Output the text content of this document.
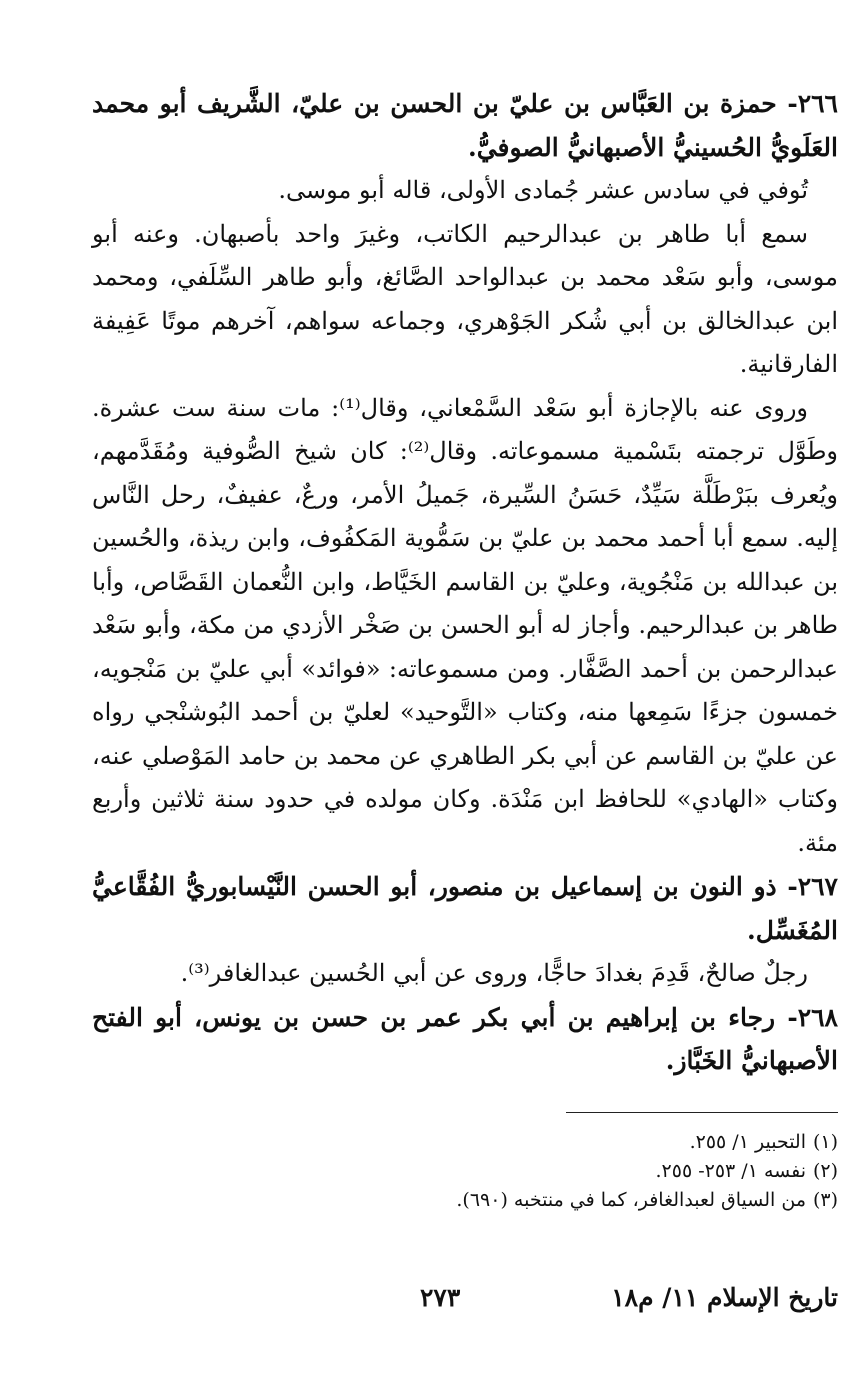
٢٦٦- حمزة بن العَبَّاس بن عليّ بن الحسن بن عليّ، الشَّريف أبو محمد العَلَويُّ الحُسينيُّ الأصبهانيُّ الصوفيُّ.

تُوفي في سادس عشر جُمادى الأولى، قاله أبو موسى.

سمع أبا طاهر بن عبدالرحيم الكاتب، وغيرَ واحد بأصبهان. وعنه أبو موسى، وأبو سَعْد محمد بن عبدالواحد الصَّائغ، وأبو طاهر السِّلَفي، ومحمد ابن عبدالخالق بن أبي شُكر الجَوْهري، وجماعه سواهم، آخرهم موتًا عَفِيفة الفارقانية.

وروى عنه بالإجازة أبو سَعْد السَّمْعاني، وقال⁽¹⁾: مات سنة ست عشرة. وطَوَّل ترجمته بتَسْمية مسموعاته. وقال⁽²⁾: كان شيخ الصُّوفية ومُقَدَّمهم، ويُعرف ببَرْطَلَّة سَيِّدٌ، حَسَنُ السِّيرة، جَميلُ الأمر، ورعٌ، عفيفٌ، رحل النَّاس إليه. سمع أبا أحمد محمد بن عليّ بن سَمُّوية المَكفُوف، وابن ريذة، والحُسين بن عبدالله بن مَنْجُوية، وعليّ بن القاسم الخَيَّاط، وابن النُّعمان القَصَّاص، وأبا طاهر بن عبدالرحيم. وأجاز له أبو الحسن بن صَخْر الأزدي من مكة، وأبو سَعْد عبدالرحمن بن أحمد الصَّفَّار. ومن مسموعاته: «فوائد» أبي عليّ بن مَنْجويه، خمسون جزءًا سَمِعها منه، وكتاب «التَّوحيد» لعليّ بن أحمد البُوشنْجي رواه عن عليّ بن القاسم عن أبي بكر الطاهري عن محمد بن حامد المَوْصلي عنه، وكتاب «الهادي» للحافظ ابن مَنْدَة. وكان مولده في حدود سنة ثلاثين وأربع مئة.

٢٦٧- ذو النون بن إسماعيل بن منصور، أبو الحسن النَّيْسابوريُّ الفُقَّاعيُّ المُغَسِّل.

رجلٌ صالحٌ، قَدِمَ بغدادَ حاجًّا، وروى عن أبي الحُسين عبدالغافر⁽³⁾.

٢٦٨- رجاء بن إبراهيم بن أبي بكر عمر بن حسن بن يونس، أبو الفتح الأصبهانيُّ الخَبَّاز.

(١)التحبير ١/ ٢٥٥.

(٢)نفسه ١/ ٢٥٣- ٢٥٥.

(٣)من السياق لعبدالغافر، كما في منتخبه (٦٩٠).

تاريخ الإسلام ١١/ م١٨
٢٧٣
